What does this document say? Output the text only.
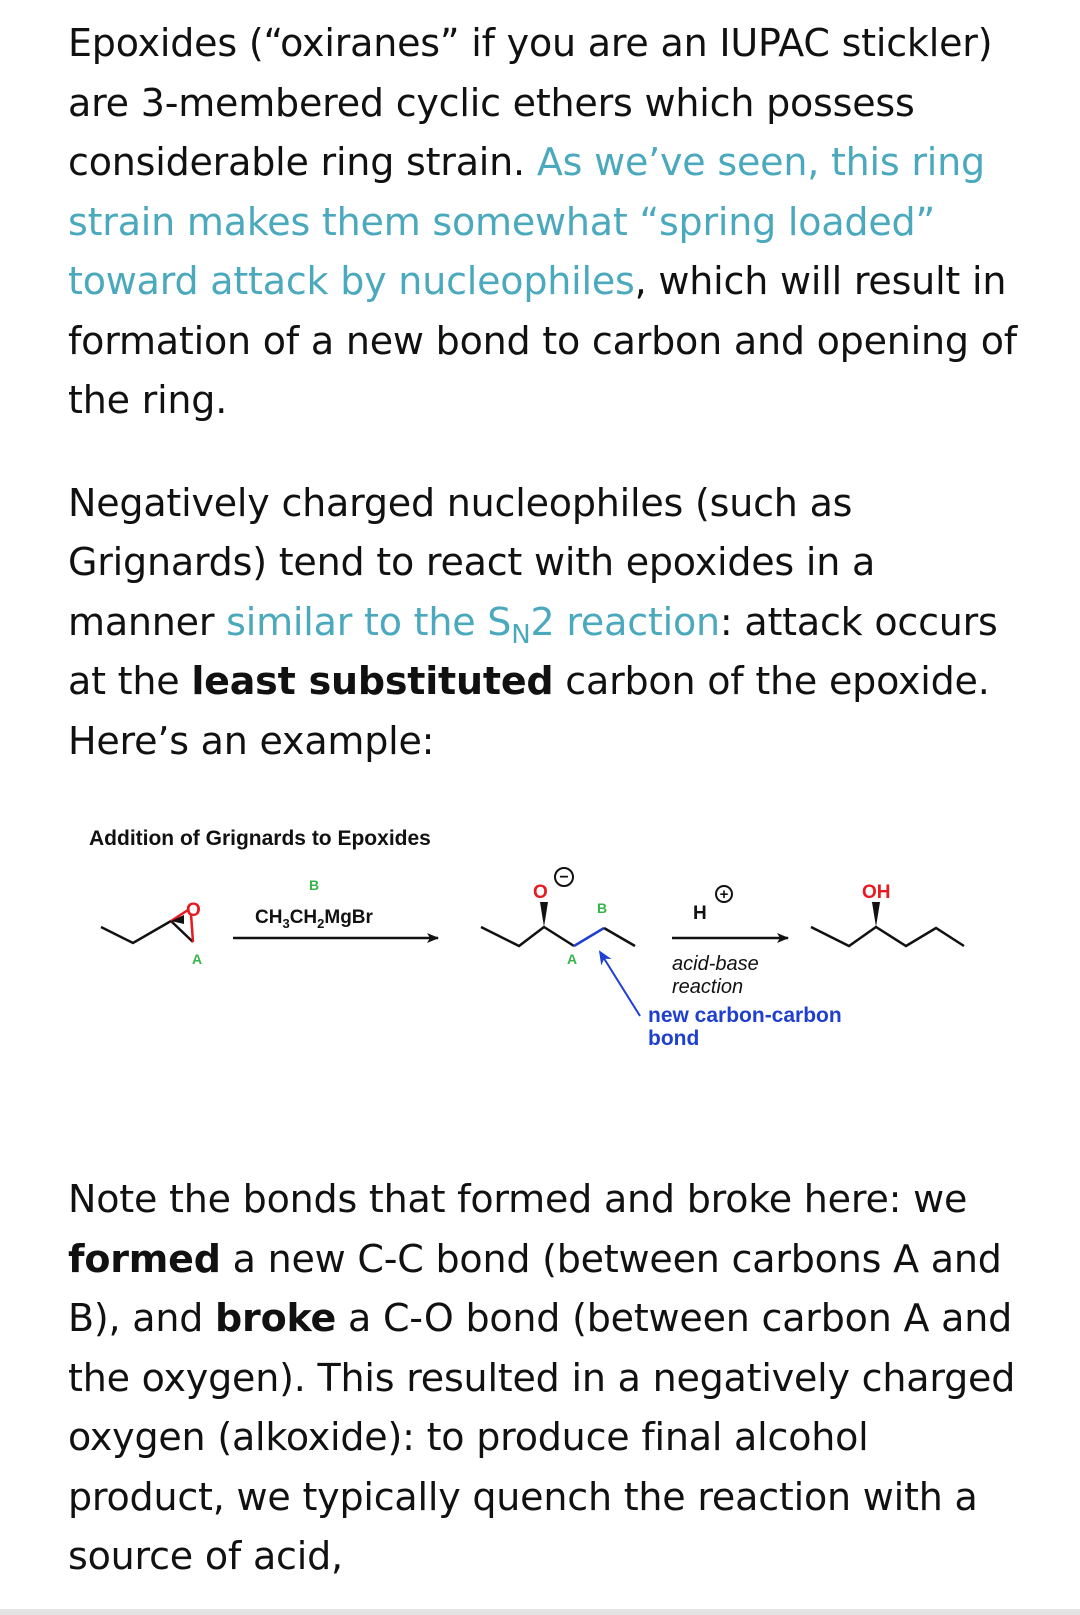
Epoxides (“oxiranes” if you are an IUPAC stickler) are 3-membered cyclic ethers which possess considerable ring strain. As we’ve seen, this ring strain makes them somewhat “spring loaded” toward attack by nucleophiles, which will result in formation of a new bond to carbon and opening of the ring.

Negatively charged nucleophiles (such as Grignards) tend to react with epoxides in a manner similar to the $S_N2$ reaction: attack occurs at the least substituted carbon of the epoxide. Here’s an example:

Addition of Grignards to Epoxides
O
A
B
$CH_3CH_2MgBr$
O
−
B
A
new carbon-carbon
bond
H
+
acid-base
reaction
OH

Note the bonds that formed and broke here: we formed a new C-C bond (between carbons A and B), and broke a C-O bond (between carbon A and the oxygen). This resulted in a negatively charged oxygen (alkoxide): to produce final alcohol product, we typically quench the reaction with a source of acid,
